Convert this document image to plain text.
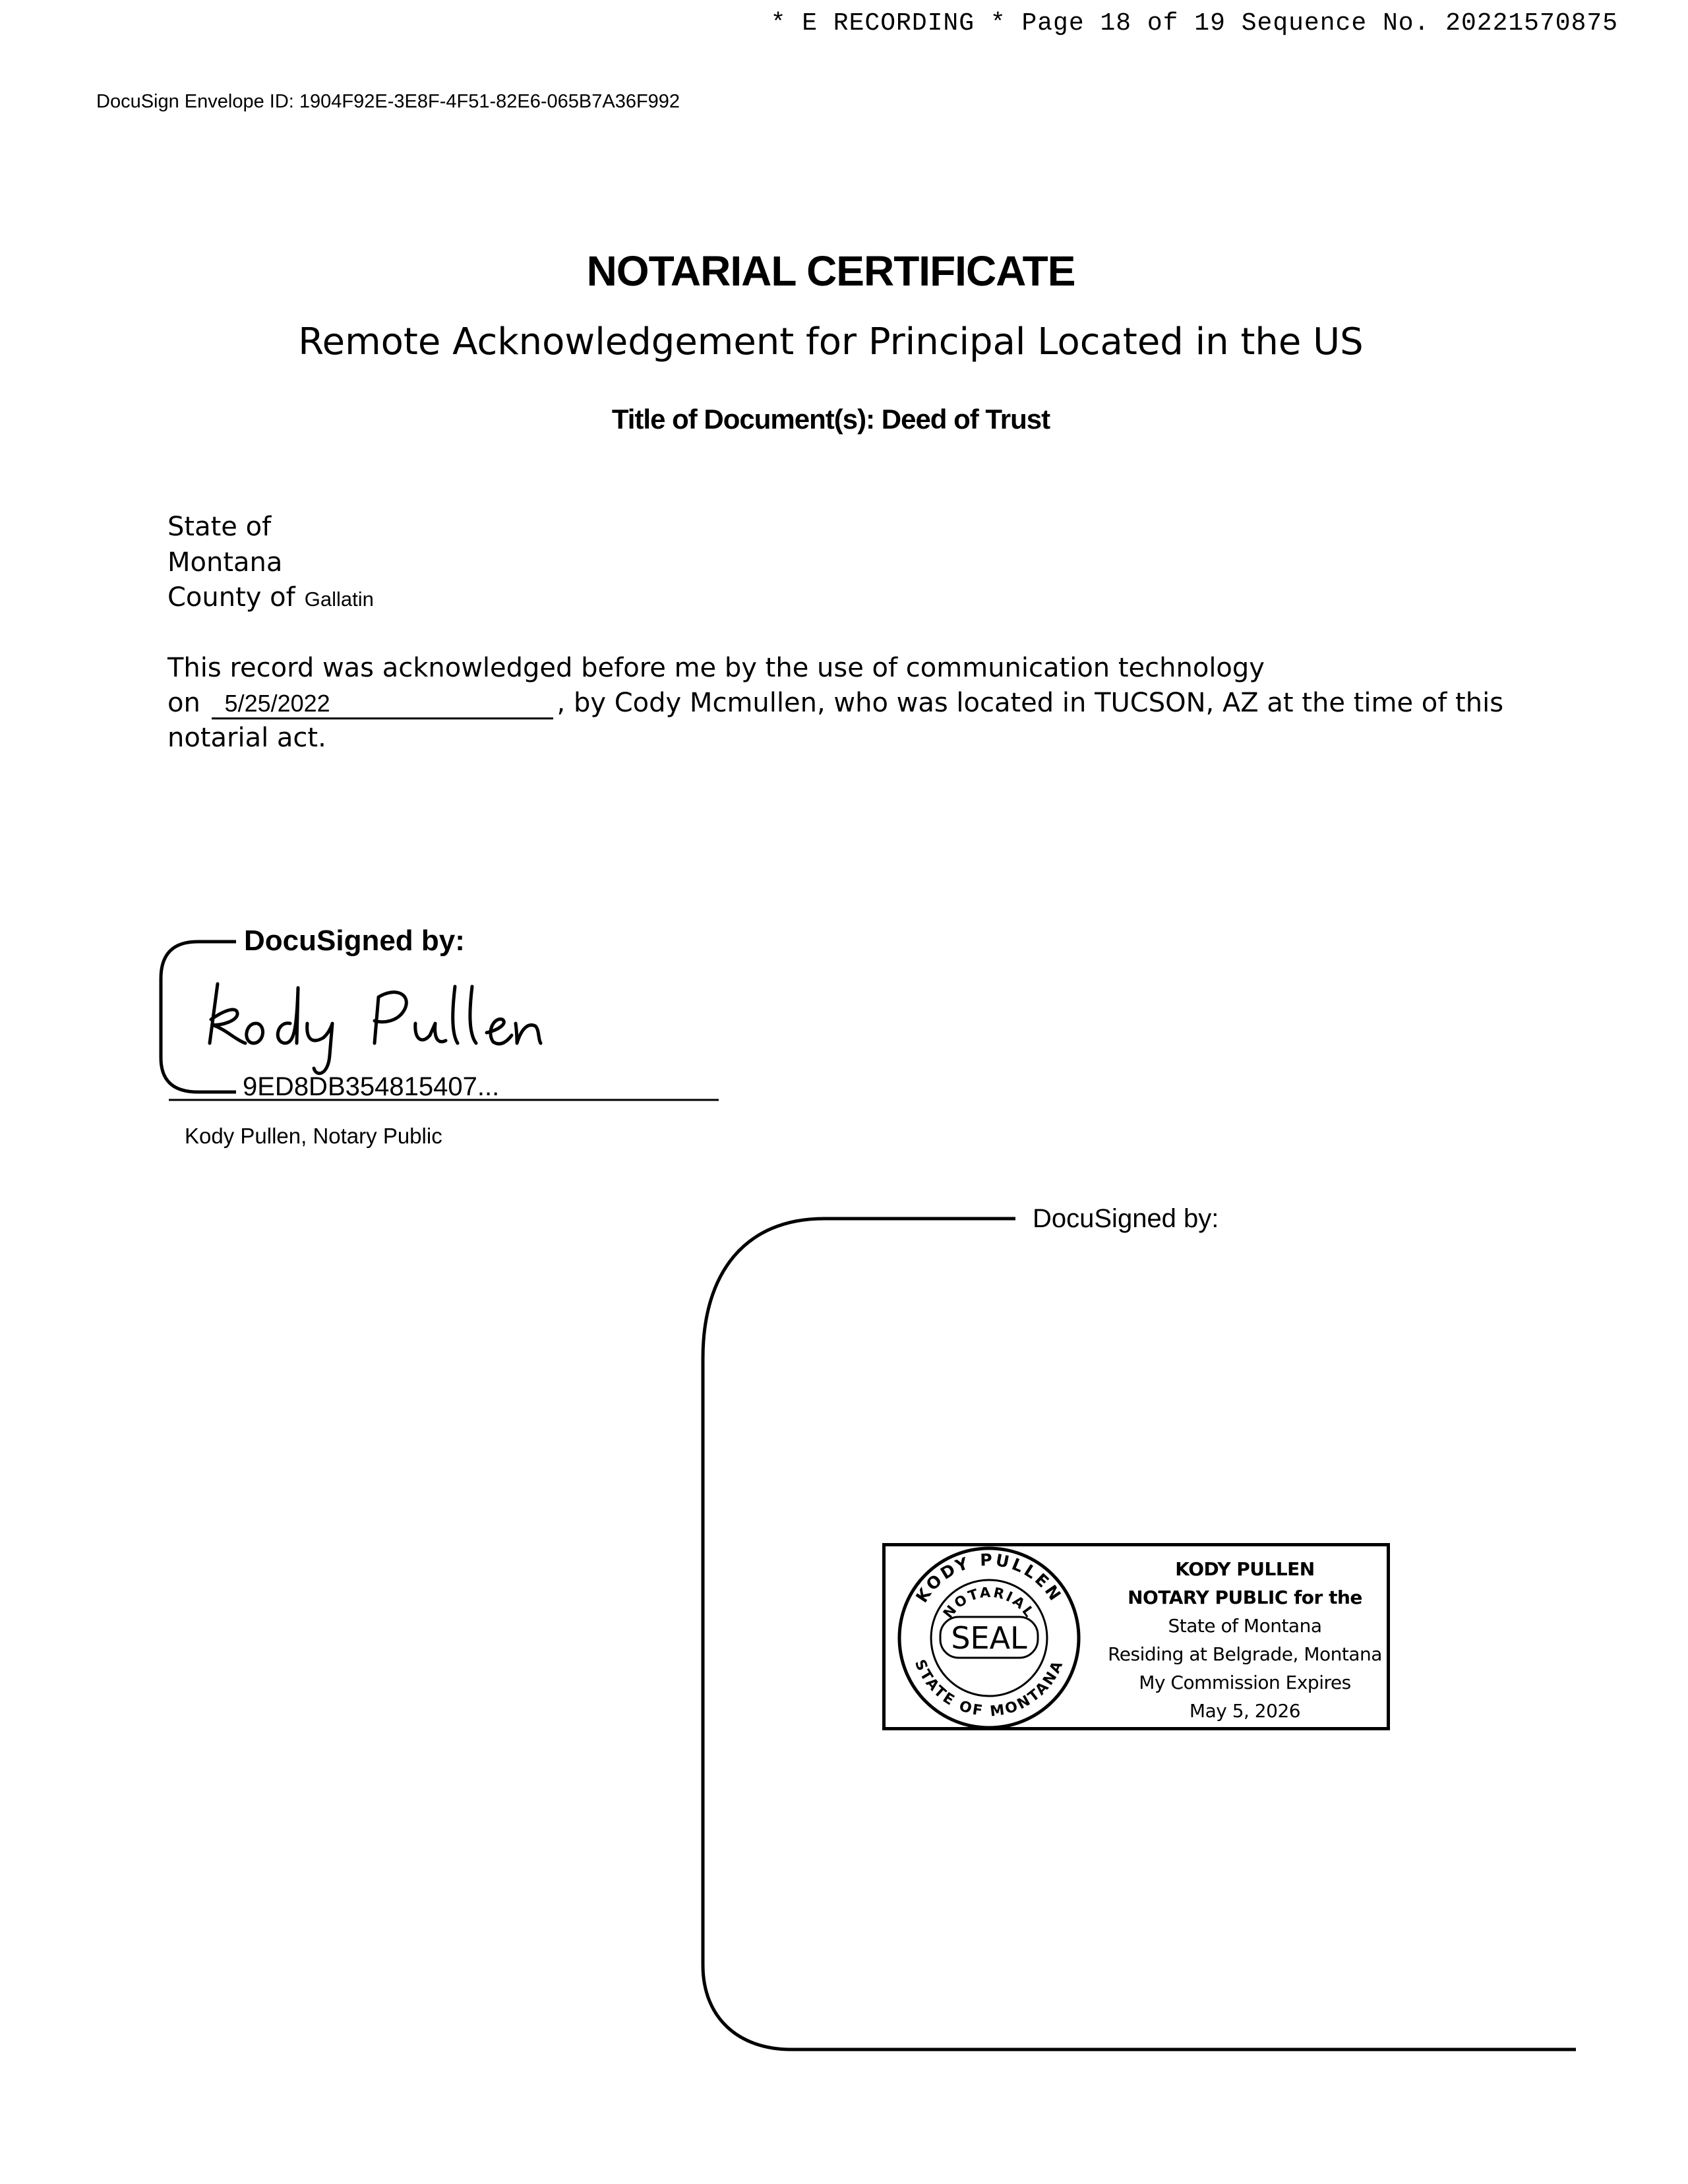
* E RECORDING * Page 18 of 19 Sequence No. 20221570875
DocuSign Envelope ID: 1904F92E-3E8F-4F51-82E6-065B7A36F992
NOTARIAL CERTIFICATE
Remote Acknowledgement for Principal Located in the US
Title of Document(s): Deed of Trust
State of
Montana
County of Gallatin
This record was acknowledged before me by the use of communication technology
on 5/25/2022	, by Cody Mcmullen, who was located in TUCSON, AZ at the time of this
notarial act.
KODY PULLEN
NOTARIAL
SEAL
STATE OF MONTANA
DocuSigned by:
9ED8DB354815407...
Kody Pullen, Notary Public
DocuSigned by:
KODY PULLEN
NOTARY PUBLIC for the
State of Montana
Residing at Belgrade, Montana
My Commission Expires
May 5, 2026
